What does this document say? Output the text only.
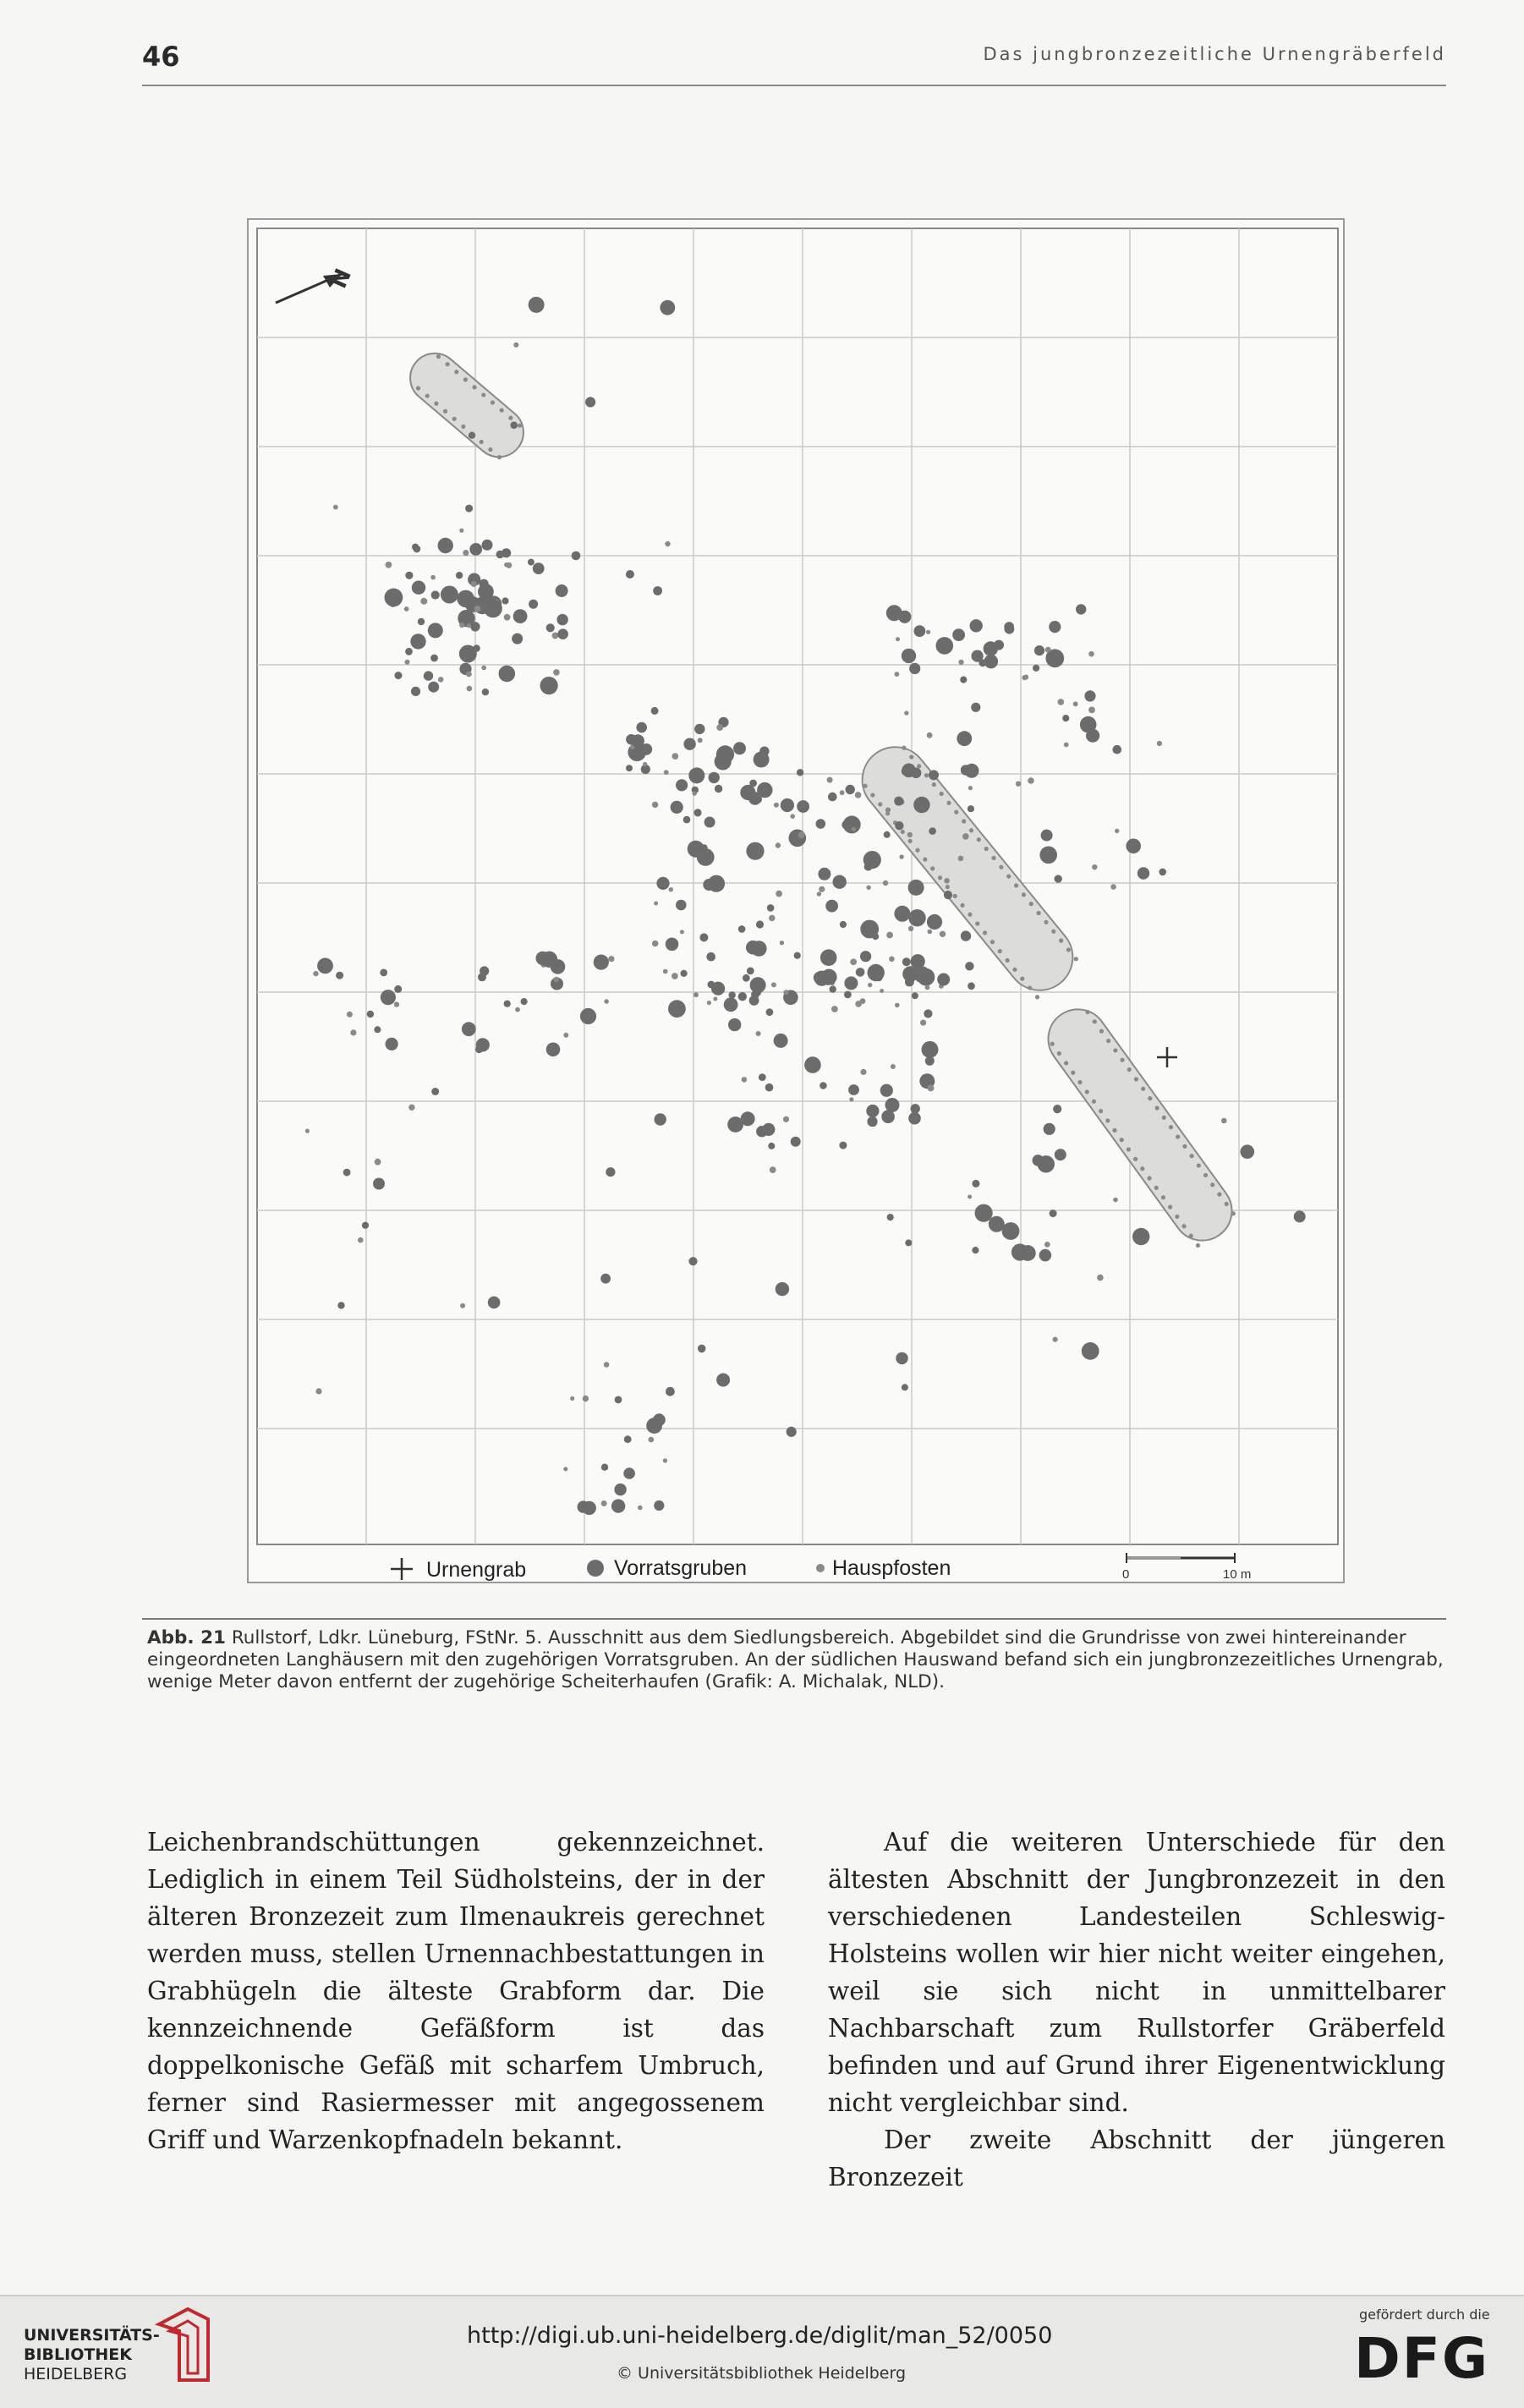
46	Das jungbronzezeitliche Urnengräberfeld
N
Urnengrab	Vorratsgruben	Hauspfosten	0	10 m
Abb. 21 Rullstorf, Ldkr. Lüneburg, FStNr. 5. Ausschnitt aus dem Siedlungsbereich. Abgebildet sind die Grundrisse von zwei hintereinander eingeordneten Langhäusern mit den zugehörigen Vorratsgruben. An der südlichen Hauswand befand sich ein jungbronzezeitliches Urnengrab, wenige Meter davon entfernt der zugehörige Scheiterhaufen (Grafik: A. Michalak, NLD).

Leichenbrandschüttungen gekennzeichnet. Lediglich in einem Teil Südholsteins, der in der älteren Bronzezeit zum Ilmenaukreis gerechnet werden muss, stellen Urnennachbestattungen in Grabhügeln die älteste Grabform dar. Die kennzeichnende Gefäßform ist das doppelkonische Gefäß mit scharfem Umbruch, ferner sind Rasiermesser mit angegossenem Griff und Warzenkopfnadeln bekannt.

Auf die weiteren Unterschiede für den ältesten Abschnitt der Jungbronzezeit in den verschiedenen Landesteilen Schleswig-Holsteins wollen wir hier nicht weiter eingehen, weil sie sich nicht in unmittelbarer Nachbarschaft zum Rullstorfer Gräberfeld befinden und auf Grund ihrer Eigenentwicklung nicht vergleichbar sind.

Der zweite Abschnitt der jüngeren Bronzezeit

UNIVERSITÄTS-
BIBLIOTHEK
HEIDELBERG
http://digi.ub.uni-heidelberg.de/diglit/man_52/0050
© Universitätsbibliothek Heidelberg
gefördert durch die
DFG
